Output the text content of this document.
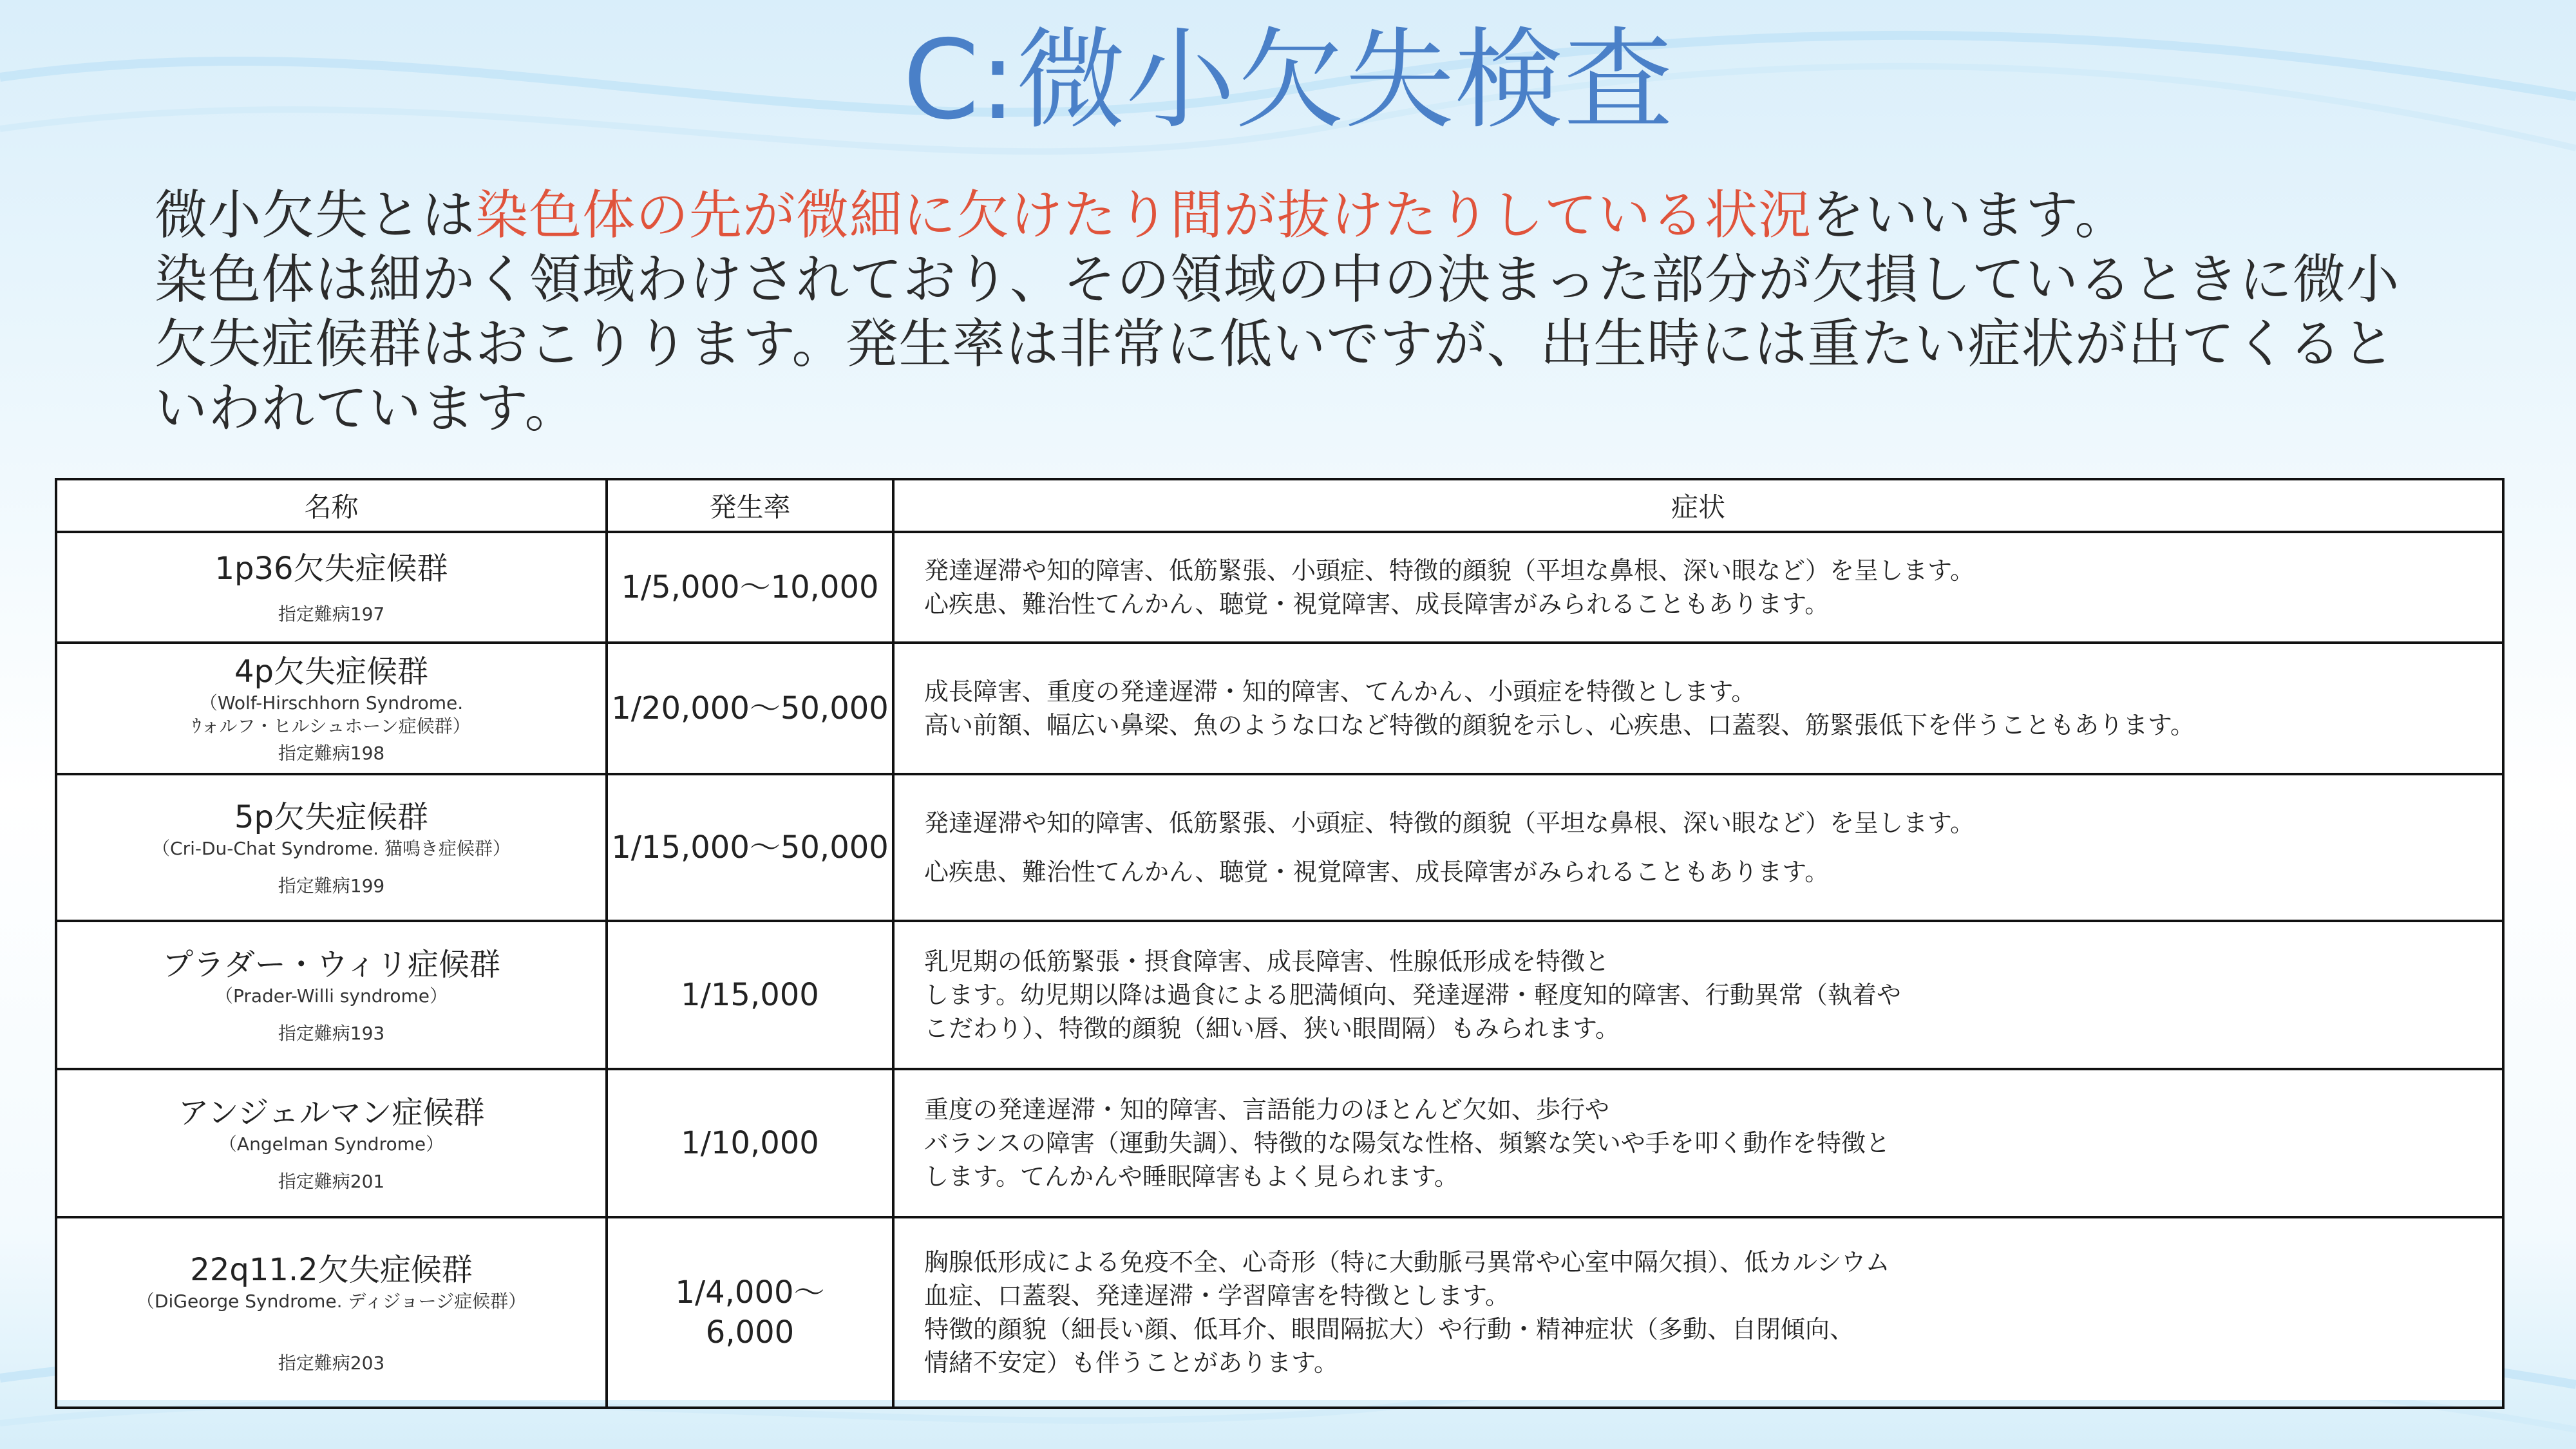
C:微小欠失検査

微小欠失とは染色体の先が微細に欠けたり間が抜けたりしている状況をいいます。

染色体は細かく領域わけされており、その領域の中の決まった部分が欠損しているときに微小欠失症候群はおこりります。発生率は非常に低いですが、出生時には重たい症状が出てくるといわれています。

名称	発生率	症状

1p36欠失症候群
指定難病197	1/5,000〜10,000	発達遅滞や知的障害、低筋緊張、小頭症、特徴的顔貌（平坦な鼻根、深い眼など）を呈します。
心疾患、難治性てんかん、聴覚・視覚障害、成長障害がみられることもあります。

4p欠失症候群
（Wolf-Hirschhorn Syndrome.
ｳォルフ・ヒルシュホーン症候群）
指定難病198	1/20,000〜50,000	成長障害、重度の発達遅滞・知的障害、てんかん、小頭症を特徴とします。
高い前額、幅広い鼻梁、魚のような口など特徴的顔貌を示し、心疾患、口蓋裂、筋緊張低下を伴うこともあります。

5p欠失症候群
（Cri-Du-Chat Syndrome. 猫鳴き症候群）
指定難病199	1/15,000〜50,000	発達遅滞や知的障害、低筋緊張、小頭症、特徴的顔貌（平坦な鼻根、深い眼など）を呈します。
心疾患、難治性てんかん、聴覚・視覚障害、成長障害がみられることもあります。

プラダー・ウィリ症候群
（Prader-Willi syndrome）
指定難病193	1/15,000	乳児期の低筋緊張・摂食障害、成長障害、性腺低形成を特徴と
します。幼児期以降は過食による肥満傾向、発達遅滞・軽度知的障害、行動異常（執着や
こだわり）、特徴的顔貌（細い唇、狭い眼間隔）もみられます。

アンジェルマン症候群
（Angelman Syndrome）
指定難病201	1/10,000	重度の発達遅滞・知的障害、言語能力のほとんど欠如、歩行や
バランスの障害（運動失調）、特徴的な陽気な性格、頻繁な笑いや手を叩く動作を特徴と
します。てんかんや睡眠障害もよく見られます。

22q11.2欠失症候群
（DiGeorge Syndrome. ディジョージ症候群）
指定難病203	1/4,000〜 6,000	胸腺低形成による免疫不全、心奇形（特に大動脈弓異常や心室中隔欠損）、低カルシウム
血症、口蓋裂、発達遅滞・学習障害を特徴とします。
特徴的顔貌（細長い顔、低耳介、眼間隔拡大）や行動・精神症状（多動、自閉傾向、
情緒不安定）も伴うことがあります。
